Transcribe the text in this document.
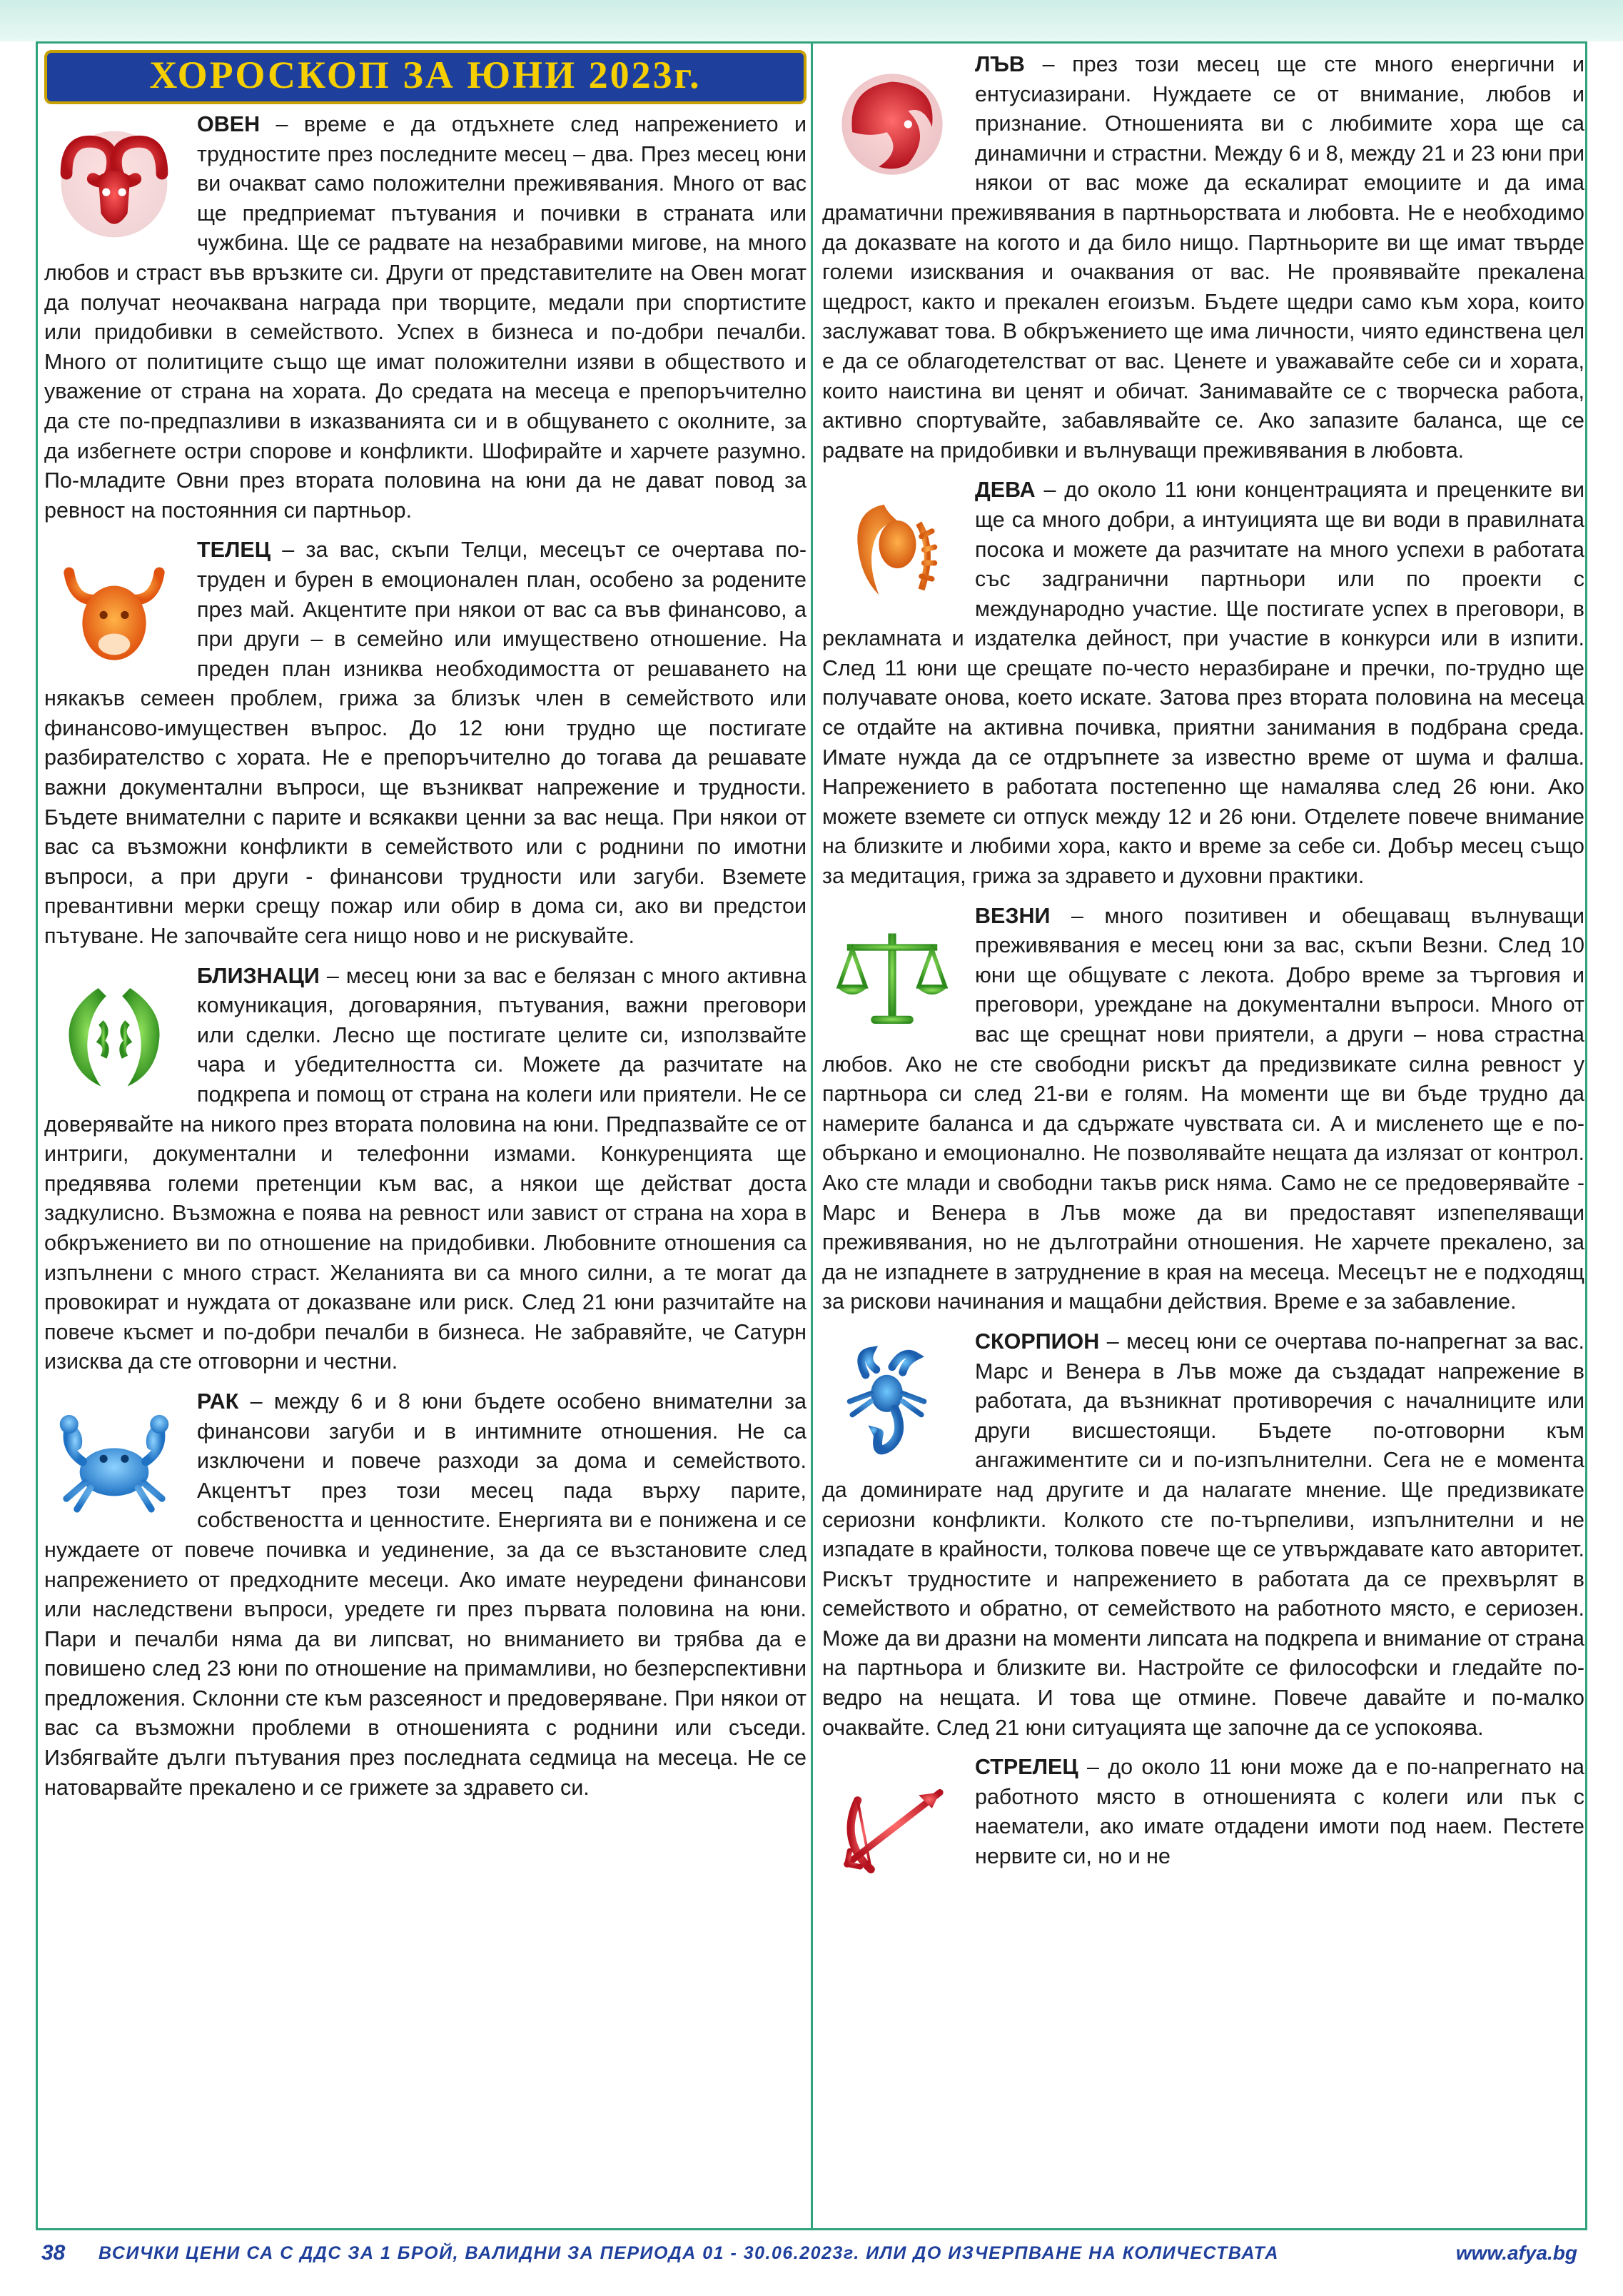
ХОРОСКОП ЗА ЮНИ 2023г.

ОВЕН – време е да отдъхнете след напрежението и трудностите през последните месец – два. През месец юни ви очакват само положителни преживявания. Много от вас ще предприемат пътувания и почивки в страната или чужбина. Ще се радвате на незабравими мигове, на много любов и страст във връзките си. Други от представителите на Овен могат да получат неочаквана награда при творците, медали при спортистите или придобивки в семейството. Успех в бизнеса и по-добри печалби. Много от политиците също ще имат положителни изяви в обществото и уважение от страна на хората. До средата на месеца е препоръчително да сте по-предпазливи в изказванията си и в общуването с околните, за да избегнете остри спорове и конфликти. Шофирайте и харчете разумно. По-младите Овни през втората половина на юни да не дават повод за ревност на постоянния си партньор.

ТЕЛЕЦ – за вас, скъпи Телци, месецът се очертава по-труден и бурен в емоционален план, особено за родените през май. Акцентите при някои от вас са във финансово, а при други – в семейно или имуществено отношение. На преден план изниква необходимостта от решаването на някакъв семеен проблем, грижа за близък член в семейството или финансово-имуществен въпрос. До 12 юни трудно ще постигате разбирателство с хората. Не е препоръчително до тогава да решавате важни документални въпроси, ще възникват напрежение и трудности. Бъдете внимателни с парите и всякакви ценни за вас неща. При някои от вас са възможни конфликти в семейството или с роднини по имотни въпроси, а при други - финансови трудности или загуби. Вземете превантивни мерки срещу пожар или обир в дома си, ако ви предстои пътуване. Не започвайте сега нищо ново и не рискувайте.

БЛИЗНАЦИ – месец юни за вас е белязан с много активна комуникация, договаряния, пътувания, важни преговори или сделки. Лесно ще постигате целите си, използвайте чара и убедителността си. Можете да разчитате на подкрепа и помощ от страна на колеги или приятели. Не се доверявайте на никого през втората половина на юни. Предпазвайте се от интриги, документални и телефонни измами. Конкуренцията ще предявява големи претенции към вас, а някои ще действат доста задкулисно. Възможна е появa на ревност или завист от страна на хора в обкръжението ви по отношение на придобивки. Любовните отношения са изпълнени с много страст. Желанията ви са много силни, а те могат да провокират и нуждата от доказване или риск. След 21 юни разчитайте на повече късмет и по-добри печалби в бизнеса. Не забравяйте, че Сатурн изисква да сте отговорни и честни.

РАК – между 6 и 8 юни бъдете особено внимателни за финансови загуби и в интимните отношения. Не са изключени и повече разходи за дома и семейството. Акцентът през този месец пада върху парите, собствеността и ценностите. Енергията ви е понижена и се нуждаете от повече почивка и уединение, за да се възстановите след напрежението от предходните месеци. Ако имате неуредени финансови или наследствени въпроси, уредете ги през първата половина на юни. Пари и печалби няма да ви липсват, но вниманието ви трябва да е повишено след 23 юни по отношение на примамливи, но безперспективни предложения. Склонни сте към разсеяност и предоверяване. При някои от вас са възможни проблеми в отношенията с роднини или съседи. Избягвайте дълги пътувания през последната седмица на месеца. Не се натоварвайте прекалено и се грижете за здравето си.

ЛЪВ – през този месец ще сте много енергични и ентусиазирани. Нуждаете се от внимание, любов и признание. Отношенията ви с любимите хора ще са динамични и страстни. Между 6 и 8, между 21 и 23 юни при някои от вас може да ескалират емоциите и да има драматични преживявания в партньорствата и любовта. Не е необходимо да доказвате на когото и да било нищо. Партньорите ви ще имат твърде големи изисквания и очаквания от вас. Не проявявайте прекалена щедрост, както и прекален егоизъм. Бъдете щедри само към хора, които заслужават това. В обкръжението ще има личности, чиято единствена цел е да се облагодетелстват от вас. Ценете и уважавайте себе си и хората, които наистина ви ценят и обичат. Занимавайте се с творческа работа, активно спортувайте, забавлявайте се. Ако запазите баланса, ще се радвате на придобивки и вълнуващи преживявания в любовта.

ДЕВА – до около 11 юни концентрацията и преценките ви ще са много добри, а интуицията ще ви води в правилната посока и можете да разчитате на много успехи в работата със задгранични партньори или по проекти с международно участие. Ще постигате успех в преговори, в рекламната и издателка дейност, при участие в конкурси или в изпити. След 11 юни ще срещате по-често неразбиране и пречки, по-трудно ще получавате онова, което искате. Затова през втората половина на месеца се отдайте на активна почивка, приятни занимания в подбрана среда. Имате нужда да се отдръпнете за известно време от шума и фалша. Напрежението в работата постепенно ще намалява след 26 юни. Ако можете вземете си отпуск между 12 и 26 юни. Отделете повече внимание на близките и любими хора, както и време за себе си. Добър месец също за медитация, грижа за здравето и духовни практики.

ВЕЗНИ – много позитивен и обещаващ вълнуващи преживявания е месец юни за вас, скъпи Везни. След 10 юни ще общувате с лекота. Добро време за търговия и преговори, уреждане на документални въпроси. Много от вас ще срещнат нови приятели, а други – нова страстна любов. Ако не сте свободни рискът да предизвикате силна ревност у партньора си след 21-ви е голям. На моменти ще ви бъде трудно да намерите баланса и да сдържате чувствата си. А и мисленето ще е по-объркано и емоционално. Не позволявайте нещата да излязат от контрол. Ако сте млади и свободни такъв риск няма. Само не се предоверявайте - Марс и Венера в Лъв може да ви предоставят изпепеляващи преживявания, но не дълготрайни отношения. Не харчете прекалено, за да не изпаднете в затруднение в края на месеца. Месецът не е подходящ за рискови начинания и мащабни действия. Време е за забавление.

СКОРПИОН – месец юни се очертава по-напрегнат за вас. Марс и Венера в Лъв може да създадат напрежение в работата, да възникнат противоречия с началниците или други висшестоящи. Бъдете по-отговорни към ангажиментите си и по-изпълнителни. Сега не е момента да доминирате над другите и да налагате мнение. Ще предизвикате сериозни конфликти. Колкото сте по-търпеливи, изпълнителни и не изпадате в крайности, толкова повече ще се утвърждавате като авторитет. Рискът трудностите и напрежението в работата да се прехвърлят в семейството и обратно, от семейството на работното място, е сериозен. Може да ви дразни на моменти липсата на подкрепа и внимание от страна на партньора и близките ви. Настройте се философски и гледайте по-ведро на нещата. И това ще отмине. Повече давайте и по-малко очаквайте. След 21 юни ситуацията ще започне да се успокоява.

СТРЕЛЕЦ – до около 11 юни може да е по-напрегнато на работното място в отношенията с колеги или пък с наематели, ако имате отдадени имоти под наем. Пестете нервите си, но и не

38	ВСИЧКИ ЦЕНИ СА С ДДС ЗА 1 БРОЙ, ВАЛИДНИ ЗА ПЕРИОДА 01 - 30.06.2023г. ИЛИ ДО ИЗЧЕРПВАНЕ НА КОЛИЧЕСТВАТА	www.afya.bg
